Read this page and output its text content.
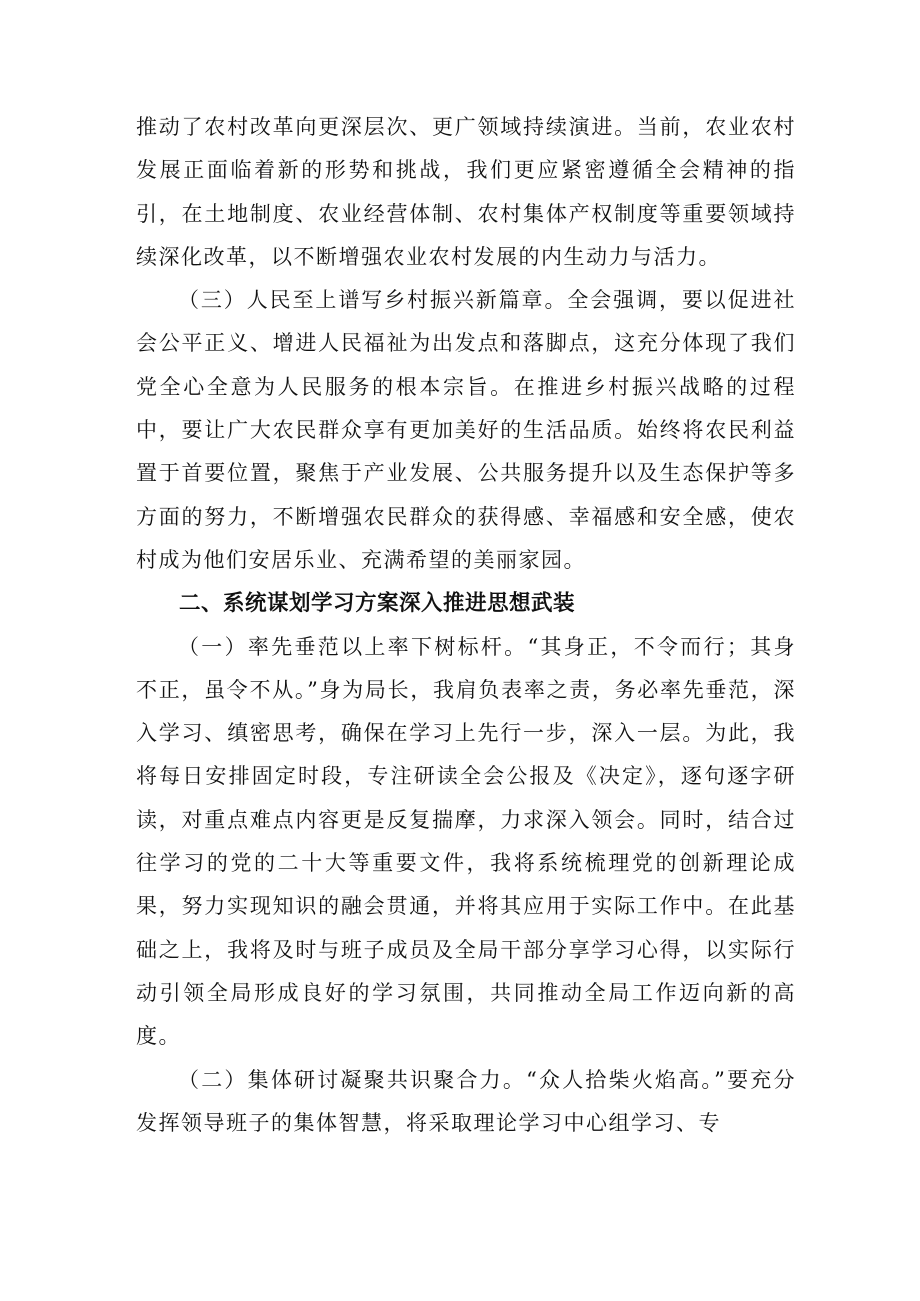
推动了农村改革向更深层次、更广领域持续演进。当前，农业农村发展正面临着新的形势和挑战，我们更应紧密遵循全会精神的指引，在土地制度、农业经营体制、农村集体产权制度等重要领域持续深化改革，以不断增强农业农村发展的内生动力与活力。

（三）人民至上谱写乡村振兴新篇章。全会强调，要以促进社会公平正义、增进人民福祉为出发点和落脚点，这充分体现了我们党全心全意为人民服务的根本宗旨。在推进乡村振兴战略的过程中，要让广大农民群众享有更加美好的生活品质。始终将农民利益置于首要位置，聚焦于产业发展、公共服务提升以及生态保护等多方面的努力，不断增强农民群众的获得感、幸福感和安全感，使农村成为他们安居乐业、充满希望的美丽家园。

二、系统谋划学习方案深入推进思想武装

（一）率先垂范以上率下树标杆。“其身正，不令而行；其身不正，虽令不从。”身为局长，我肩负表率之责，务必率先垂范，深入学习、缜密思考，确保在学习上先行一步，深入一层。为此，我将每日安排固定时段，专注研读全会公报及《决定》，逐句逐字研读，对重点难点内容更是反复揣摩，力求深入领会。同时，结合过往学习的党的二十大等重要文件，我将系统梳理党的创新理论成果，努力实现知识的融会贯通，并将其应用于实际工作中。在此基础之上，我将及时与班子成员及全局干部分享学习心得，以实际行动引领全局形成良好的学习氛围，共同推动全局工作迈向新的高度。

（二）集体研讨凝聚共识聚合力。“众人拾柴火焰高。”要充分发挥领导班子的集体智慧，将采取理论学习中心组学习、专
